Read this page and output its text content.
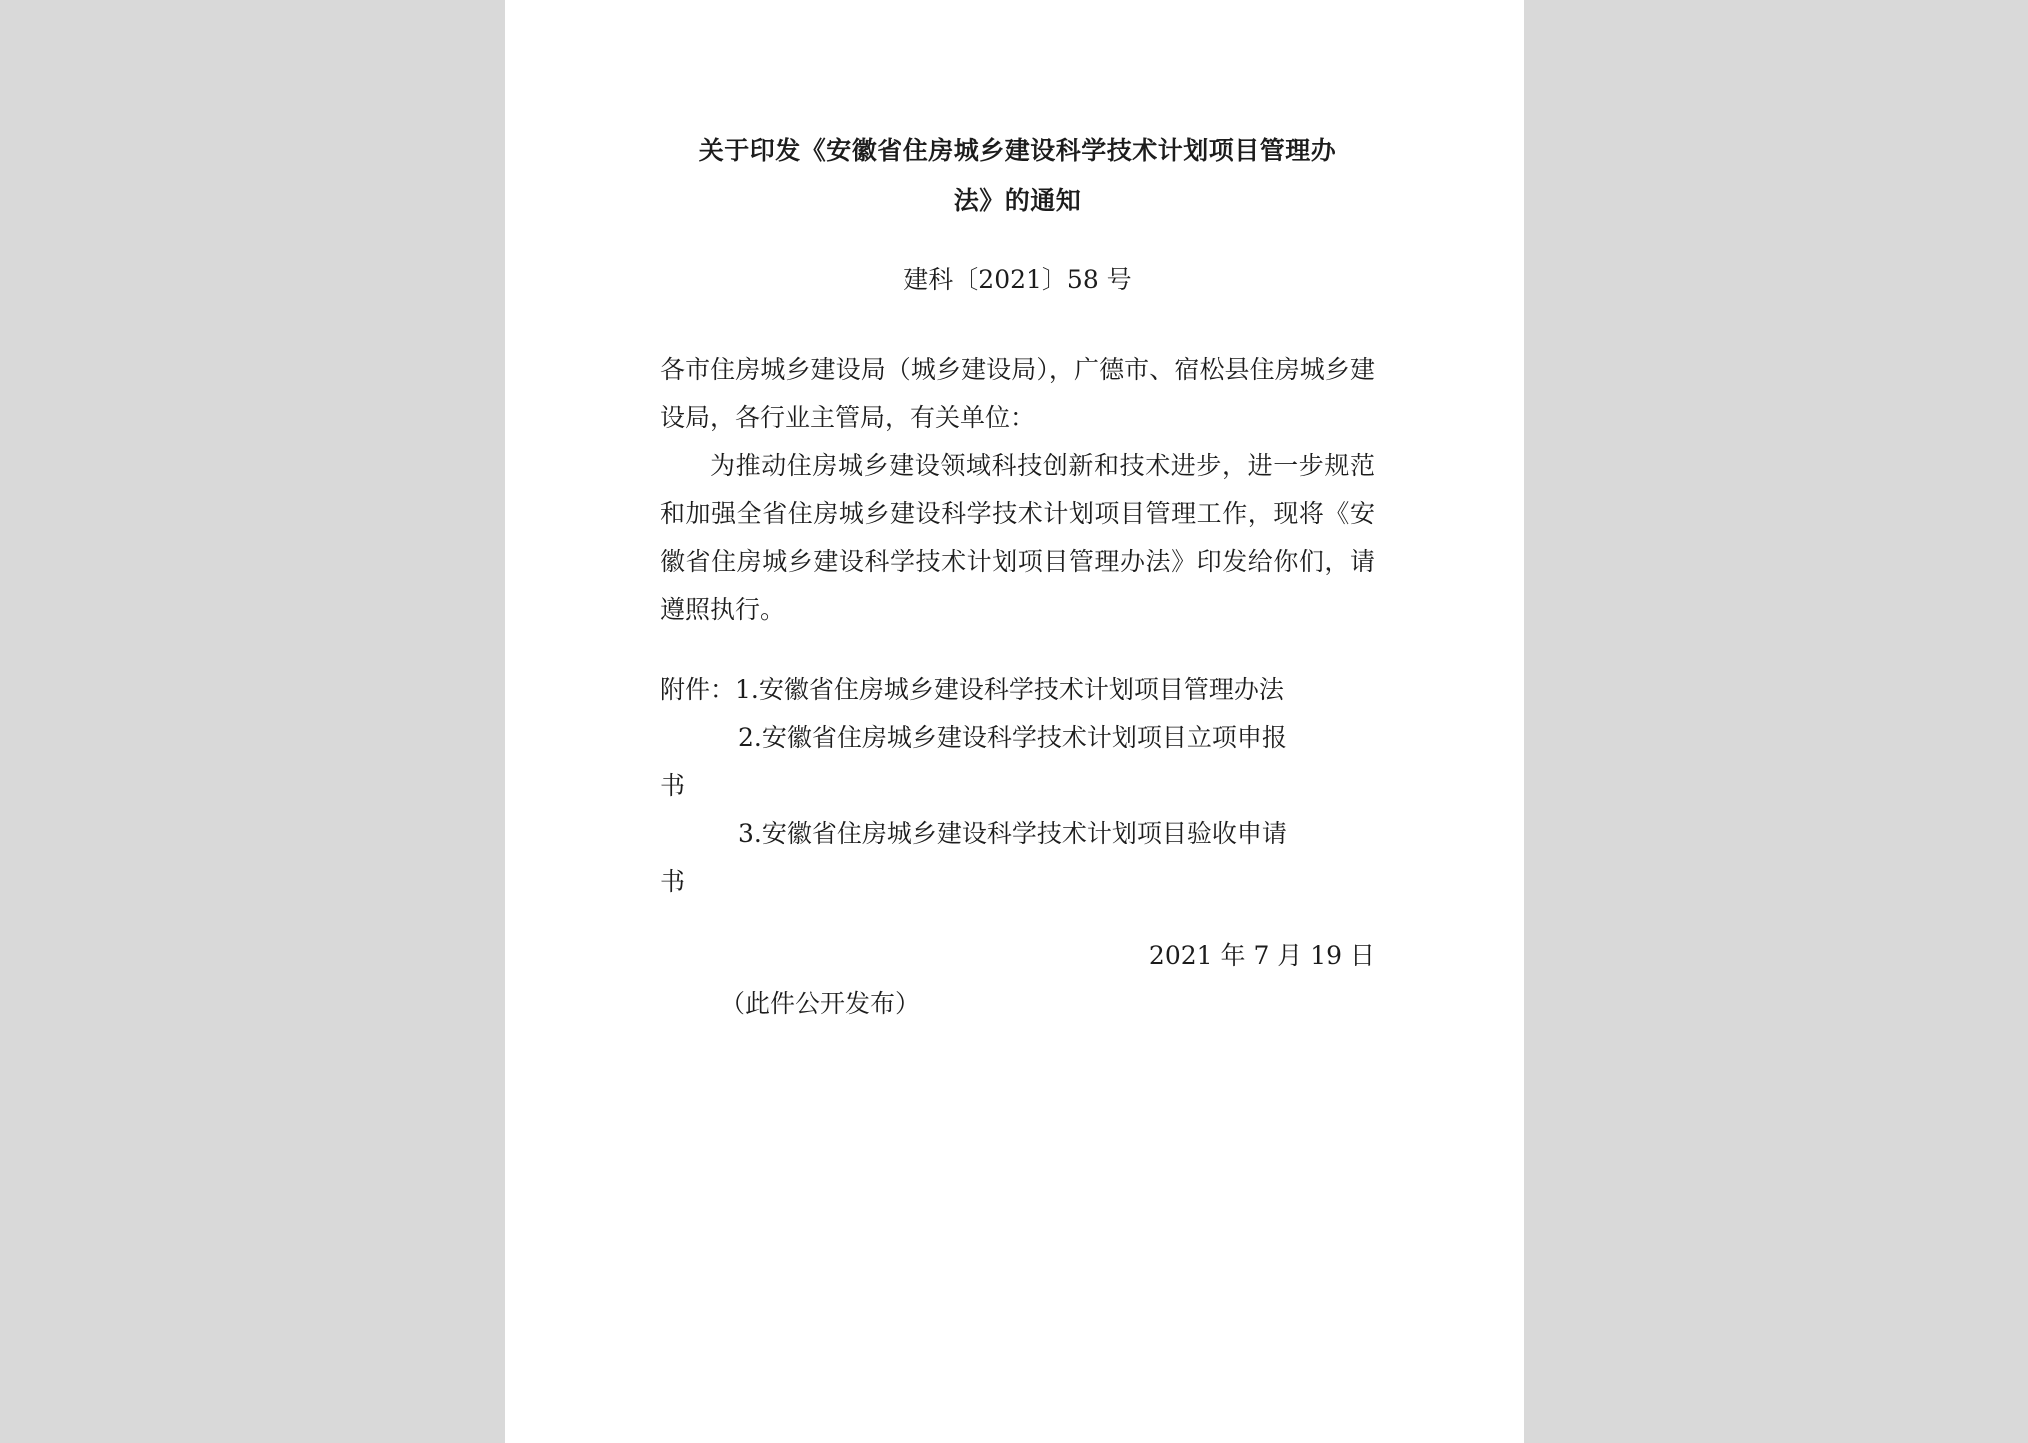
关于印发《安徽省住房城乡建设科学技术计划项目管理办
法》的通知
建科〔2021〕58 号

各市住房城乡建设局（城乡建设局），广德市、宿松县住房城乡建设局，各行业主管局，有关单位：

为推动住房城乡建设领域科技创新和技术进步，进一步规范和加强全省住房城乡建设科学技术计划项目管理工作，现将《安徽省住房城乡建设科学技术计划项目管理办法》印发给你们，请遵照执行。

附件：1.安徽省住房城乡建设科学技术计划项目管理办法

2.安徽省住房城乡建设科学技术计划项目立项申报

书

3.安徽省住房城乡建设科学技术计划项目验收申请

书

2021 年 7 月 19 日
（此件公开发布）
